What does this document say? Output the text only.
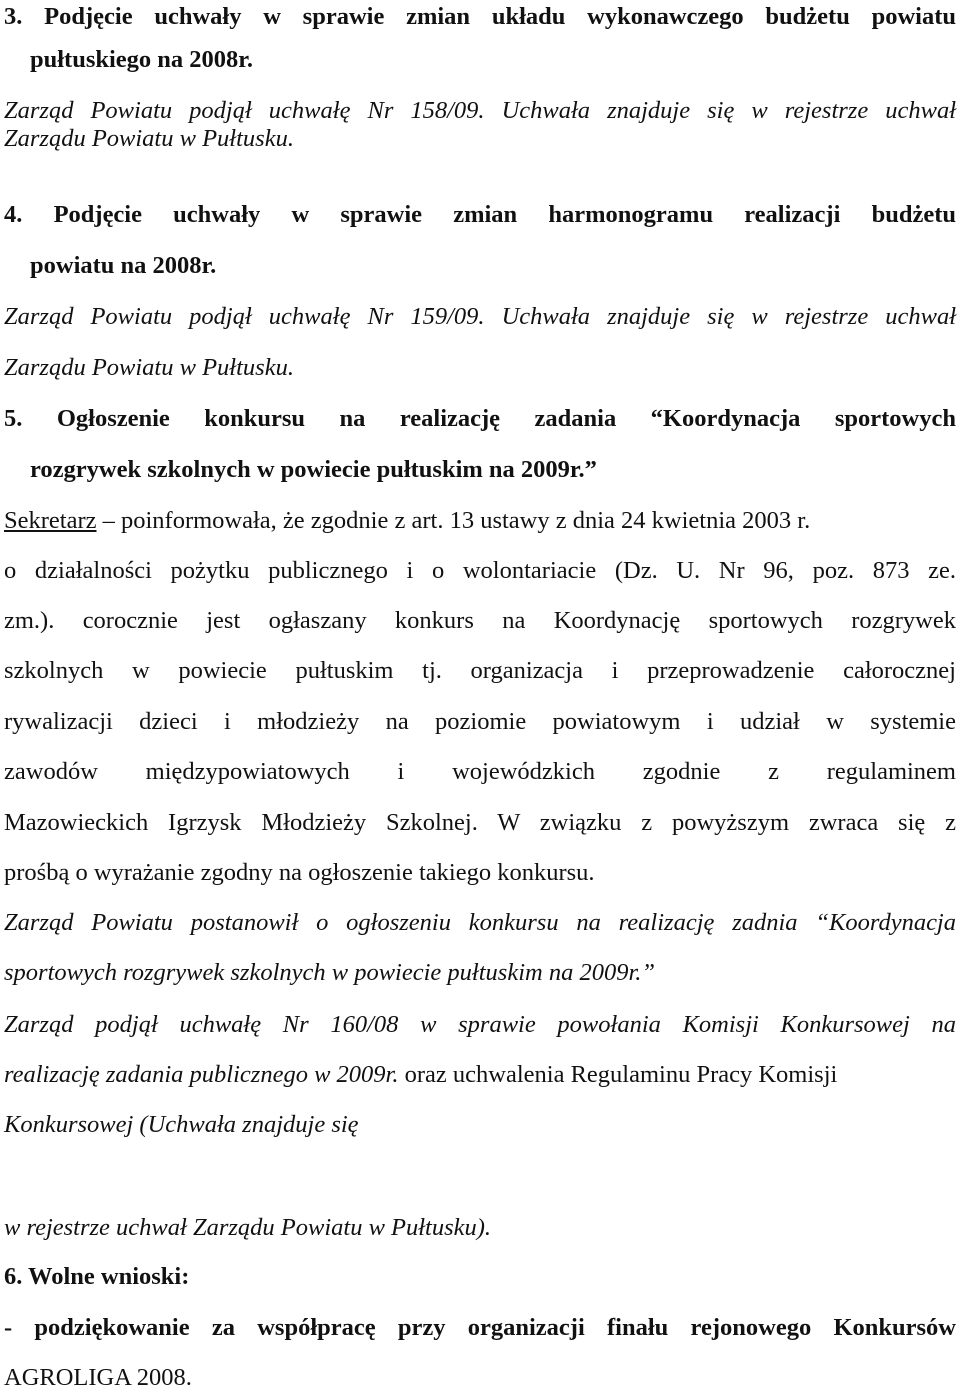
3. Podjęcie uchwały w sprawie zmian układu wykonawczego budżetu powiatu
pułtuskiego na 2008r.
Zarząd Powiatu podjął uchwałę Nr 158/09. Uchwała znajduje się w rejestrze uchwał
Zarządu Powiatu w Pułtusku.
4. Podjęcie uchwały w sprawie zmian harmonogramu realizacji budżetu
powiatu na 2008r.
Zarząd Powiatu podjął uchwałę Nr 159/09. Uchwała znajduje się w rejestrze uchwał
Zarządu Powiatu w Pułtusku.
5. Ogłoszenie konkursu na realizację zadania “Koordynacja sportowych
rozgrywek szkolnych w powiecie pułtuskim na 2009r.”
Sekretarz – poinformowała, że zgodnie z art. 13 ustawy z dnia 24 kwietnia 2003 r.
o działalności pożytku publicznego i o wolontariacie (Dz. U. Nr 96, poz. 873 ze.
zm.). corocznie jest ogłaszany konkurs na Koordynację sportowych rozgrywek
szkolnych w powiecie pułtuskim tj. organizacja i przeprowadzenie całorocznej
rywalizacji dzieci i młodzieży na poziomie powiatowym i udział w systemie
zawodów międzypowiatowych i wojewódzkich zgodnie z regulaminem
Mazowieckich Igrzysk Młodzieży Szkolnej. W związku z powyższym zwraca się z
prośbą o wyrażanie zgodny na ogłoszenie takiego konkursu.
Zarząd Powiatu postanowił o ogłoszeniu konkursu na realizację zadnia “Koordynacja
sportowych rozgrywek szkolnych w powiecie pułtuskim na 2009r.”
Zarząd podjął uchwałę Nr 160/08 w sprawie powołania Komisji Konkursowej na
realizację zadania publicznego w 2009r. oraz uchwalenia Regulaminu Pracy Komisji
Konkursowej (Uchwała znajduje się
w rejestrze uchwał Zarządu Powiatu w Pułtusku).
6. Wolne wnioski:
- podziękowanie za współpracę przy organizacji finału rejonowego Konkursów
AGROLIGA 2008.
